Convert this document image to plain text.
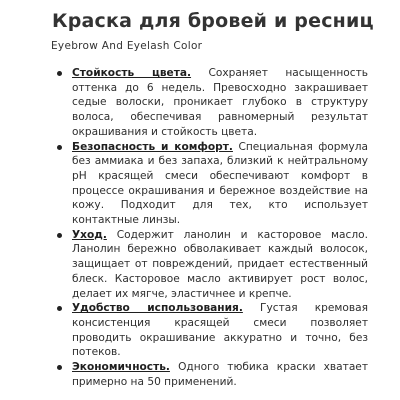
Краска для бровей и ресниц
Eyebrow And Eyelash Color
Стойкость цвета. Сохраняет насыщенность оттенка до 6 недель. Превосходно закрашивает седые волоски, проникает глубоко в структуру волоса, обеспечивая равномерный результат окрашивания и стойкость цвета.
Безопасность и комфорт. Специальная формула без аммиака и без запаха, близкий к нейтральному pH красящей смеси обеспечивают комфорт в процессе окрашивания и бережное воздействие на кожу. Подходит для тех, кто использует контактные линзы.
Уход. Содержит ланолин и касторовое масло. Ланолин бережно обволакивает каждый волосок, защищает от повреждений, придает естественный блеск. Касторовое масло активирует рост волос, делает их мягче, эластичнее и крепче.
Удобство использования. Густая кремовая консистенция красящей смеси позволяет проводить окрашивание аккуратно и точно, без потеков.
Экономичность. Одного тюбика краски хватает примерно на 50 применений.
